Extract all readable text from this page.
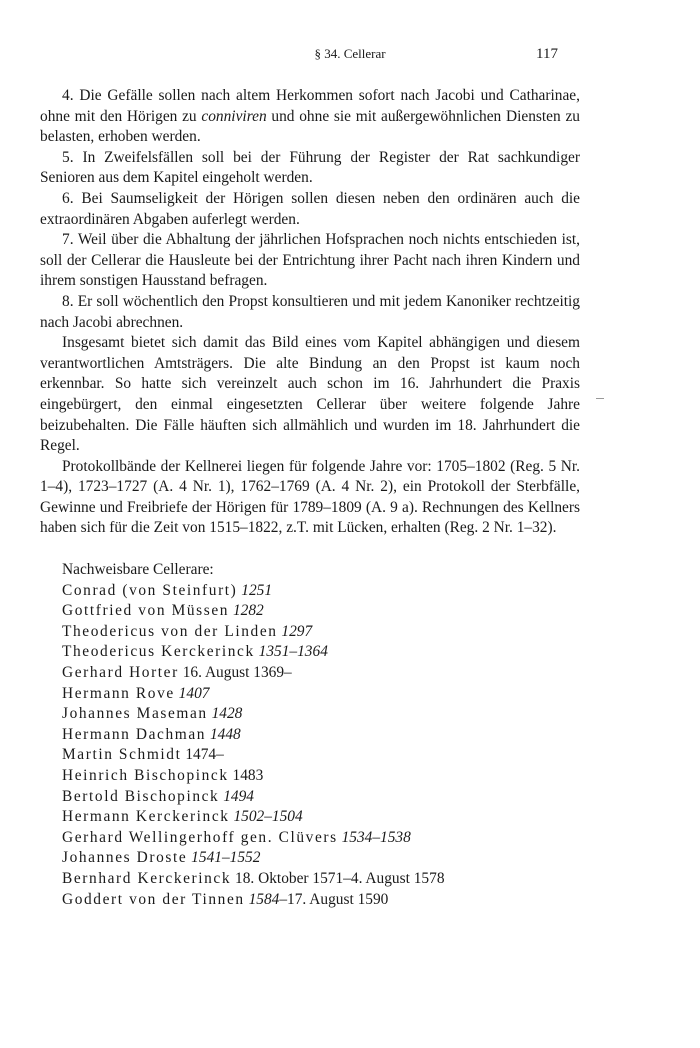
§ 34. Cellerar	117

4. Die Gefälle sollen nach altem Herkommen sofort nach Jacobi und Catharinae, ohne mit den Hörigen zu conniviren und ohne sie mit außergewöhnlichen Diensten zu belasten, erhoben werden.

5. In Zweifelsfällen soll bei der Führung der Register der Rat sachkundiger Senioren aus dem Kapitel eingeholt werden.

6. Bei Saumseligkeit der Hörigen sollen diesen neben den ordinären auch die extraordinären Abgaben auferlegt werden.

7. Weil über die Abhaltung der jährlichen Hofsprachen noch nichts entschieden ist, soll der Cellerar die Hausleute bei der Entrichtung ihrer Pacht nach ihren Kindern und ihrem sonstigen Hausstand befragen.

8. Er soll wöchentlich den Propst konsultieren und mit jedem Kanoniker rechtzeitig nach Jacobi abrechnen.

Insgesamt bietet sich damit das Bild eines vom Kapitel abhängigen und diesem verantwortlichen Amtsträgers. Die alte Bindung an den Propst ist kaum noch erkennbar. So hatte sich vereinzelt auch schon im 16. Jahrhundert die Praxis eingebürgert, den einmal eingesetzten Cellerar über weitere folgende Jahre beizubehalten. Die Fälle häuften sich allmählich und wurden im 18. Jahrhundert die Regel.

Protokollbände der Kellnerei liegen für folgende Jahre vor: 1705–1802 (Reg. 5 Nr. 1–4), 1723–1727 (A. 4 Nr. 1), 1762–1769 (A. 4 Nr. 2), ein Protokoll der Sterbfälle, Gewinne und Freibriefe der Hörigen für 1789–1809 (A. 9 a). Rechnungen des Kellners haben sich für die Zeit von 1515–1822, z.T. mit Lücken, erhalten (Reg. 2 Nr. 1–32).

Nachweisbare Cellerare:

Conrad (von Steinfurt) 1251
Gottfried von Müssen 1282
Theodericus von der Linden 1297
Theodericus Kerckerinck 1351–1364
Gerhard Horter 16. August 1369–
Hermann Rove 1407
Johannes Maseman 1428
Hermann Dachman 1448
Martin Schmidt 1474–
Heinrich Bischopinck 1483
Bertold Bischopinck 1494
Hermann Kerckerinck 1502–1504
Gerhard Wellingerhoff gen. Clüvers 1534–1538
Johannes Droste 1541–1552
Bernhard Kerckerinck 18. Oktober 1571–4. August 1578
Goddert von der Tinnen 1584–17. August 1590
